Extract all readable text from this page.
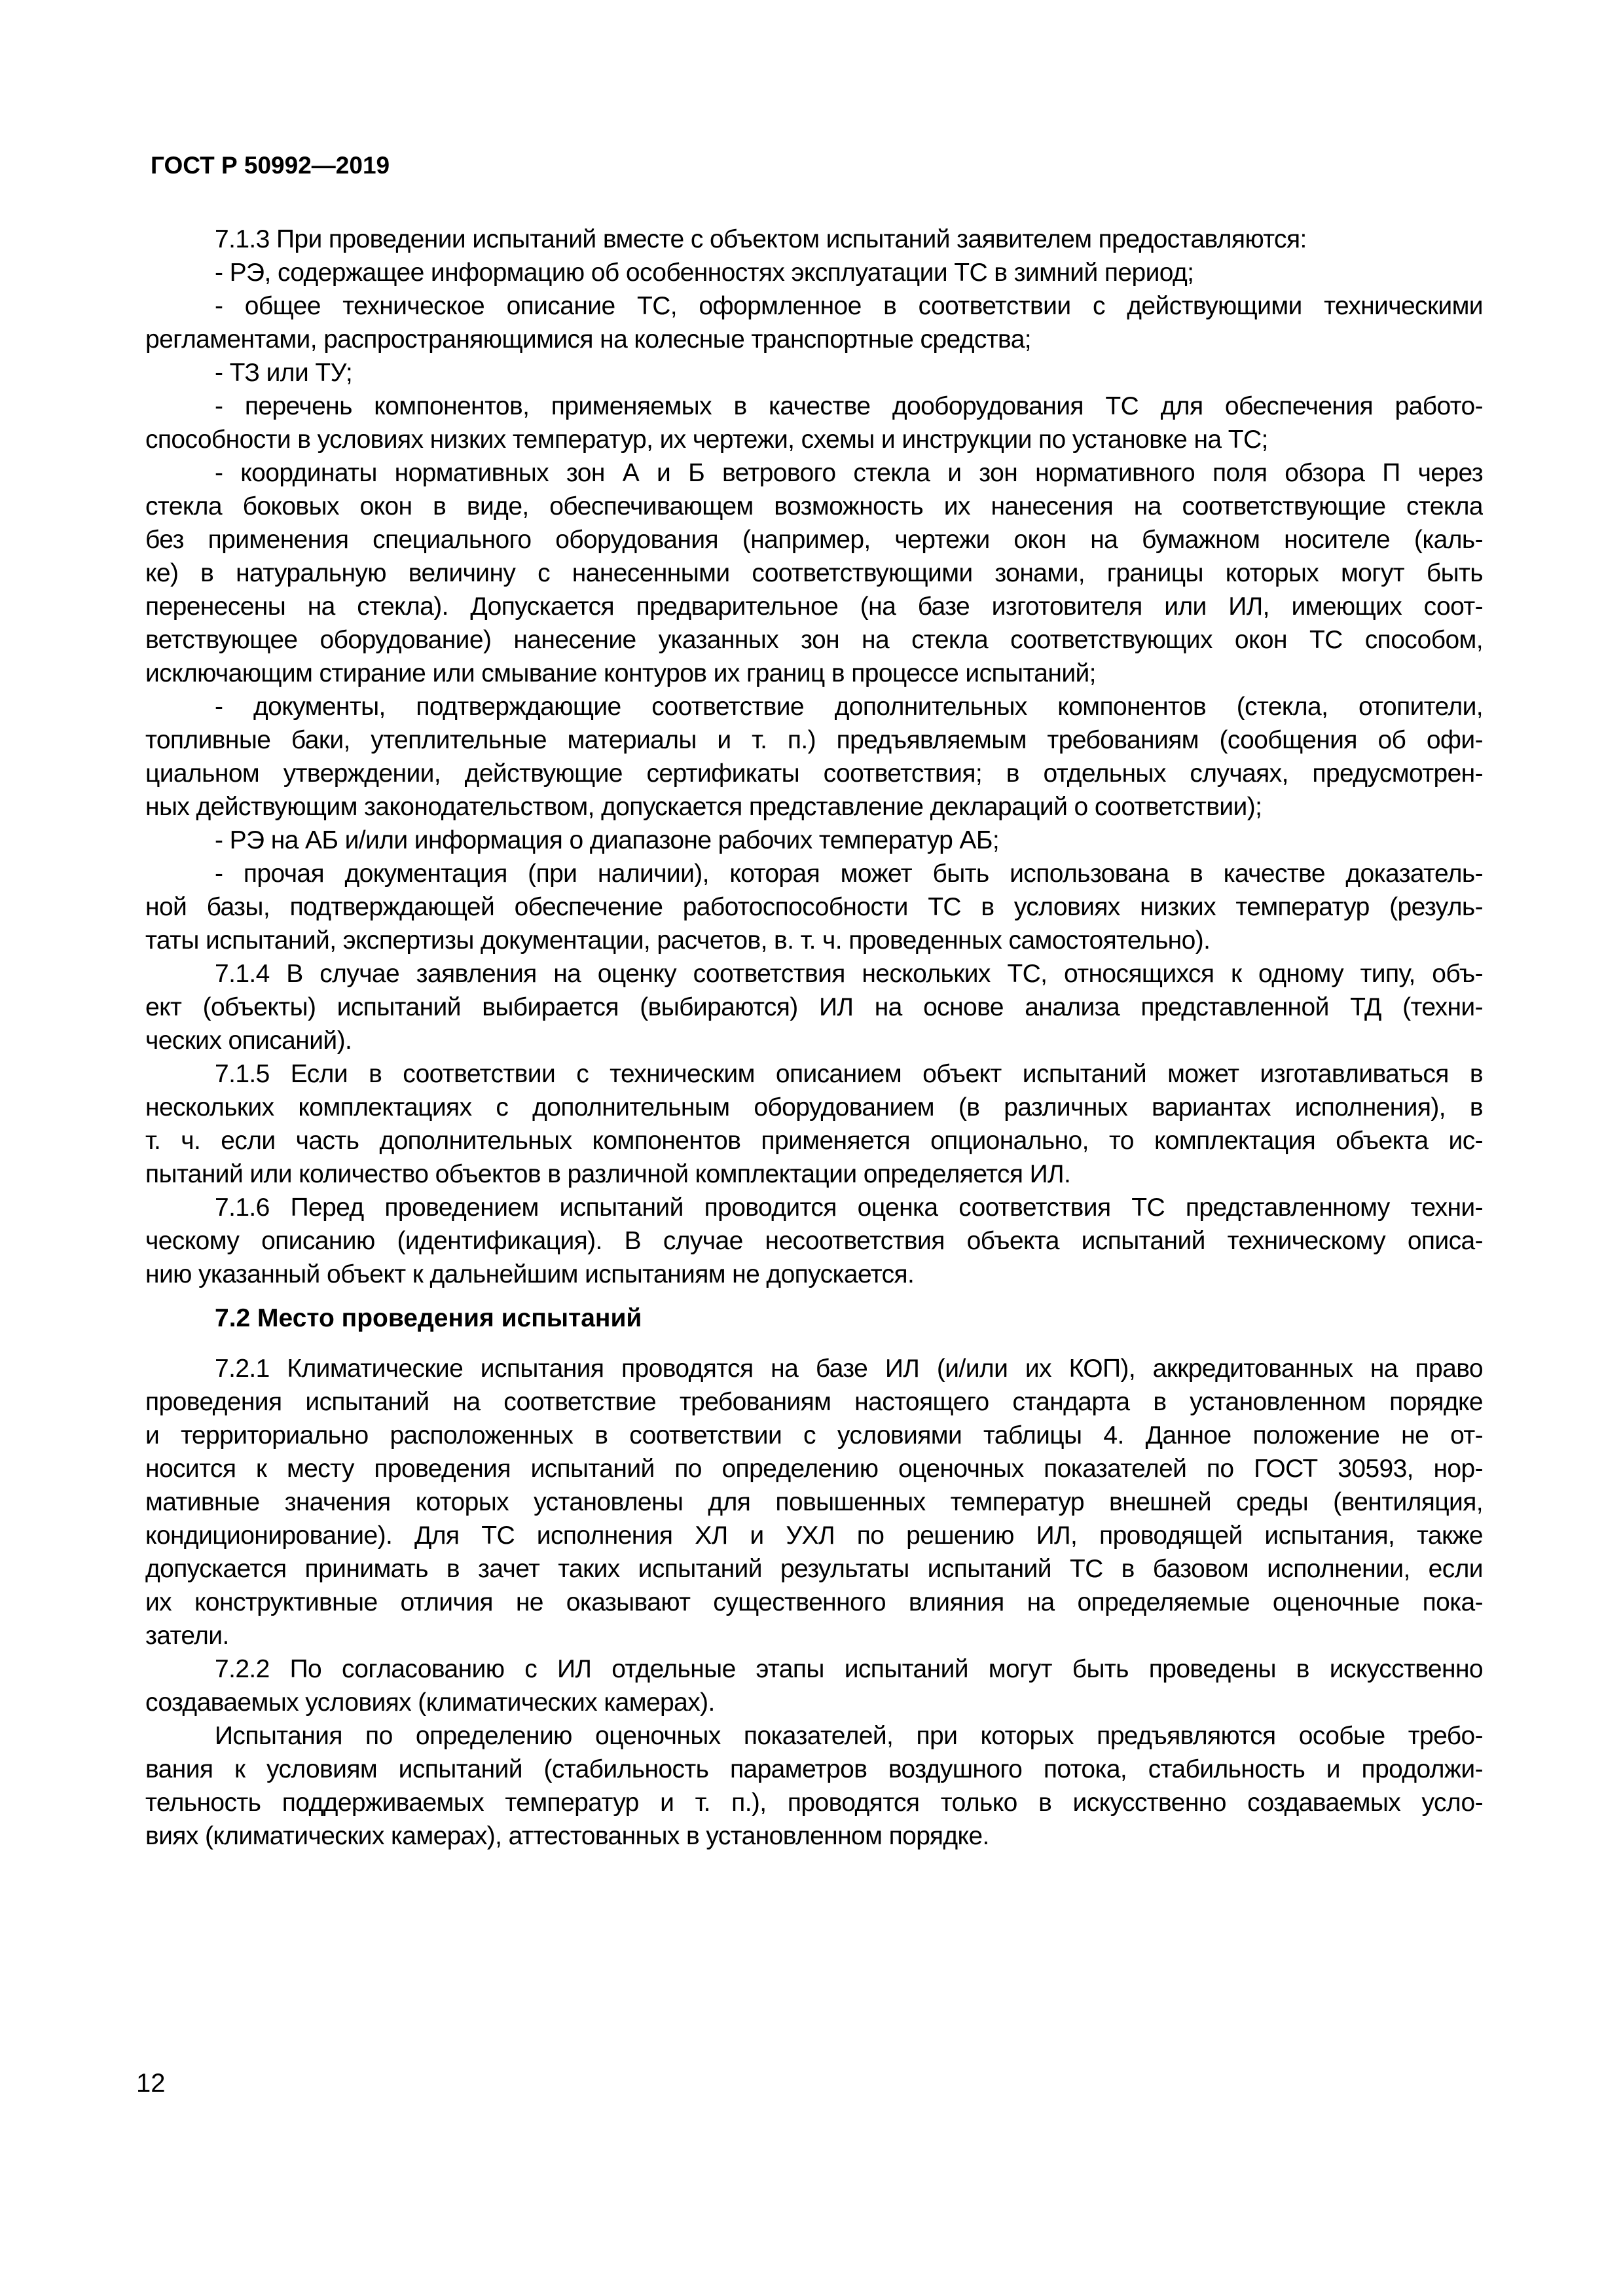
ГОСТ Р 50992—2019
7.1.3 При проведении испытаний вместе с объектом испытаний заявителем предоставляются:
- РЭ, содержащее информацию об особенностях эксплуатации ТС в зимний период;
- общее техническое описание ТС, оформленное в соответствии с действующими техническими
регламентами, распространяющимися на колесные транспортные средства;
- ТЗ или ТУ;
- перечень компонентов, применяемых в качестве дооборудования ТС для обеспечения работо-
способности в условиях низких температур, их чертежи, схемы и инструкции по установке на ТС;
- координаты нормативных зон А и Б ветрового стекла и зон нормативного поля обзора П через
стекла боковых окон в виде, обеспечивающем возможность их нанесения на соответствующие стекла
без применения специального оборудования (например, чертежи окон на бумажном носителе (каль-
ке) в натуральную величину с нанесенными соответствующими зонами, границы которых могут быть
перенесены на стекла). Допускается предварительное (на базе изготовителя или ИЛ, имеющих соот-
ветствующее оборудование) нанесение указанных зон на стекла соответствующих окон ТС способом,
исключающим стирание или смывание контуров их границ в процессе испытаний;
- документы, подтверждающие соответствие дополнительных компонентов (стекла, отопители,
топливные баки, утеплительные материалы и т. п.) предъявляемым требованиям (сообщения об офи-
циальном утверждении, действующие сертификаты соответствия; в отдельных случаях, предусмотрен-
ных действующим законодательством, допускается представление деклараций о соответствии);
- РЭ на АБ и/или информация о диапазоне рабочих температур АБ;
- прочая документация (при наличии), которая может быть использована в качестве доказатель-
ной базы, подтверждающей обеспечение работоспособности ТС в условиях низких температур (резуль-
таты испытаний, экспертизы документации, расчетов, в. т. ч. проведенных самостоятельно).
7.1.4 В случае заявления на оценку соответствия нескольких ТС, относящихся к одному типу, объ-
ект (объекты) испытаний выбирается (выбираются) ИЛ на основе анализа представленной ТД (техни-
ческих описаний).
7.1.5 Если в соответствии с техническим описанием объект испытаний может изготавливаться в
нескольких комплектациях с дополнительным оборудованием (в различных вариантах исполнения), в
т. ч. если часть дополнительных компонентов применяется опционально, то комплектация объекта ис-
пытаний или количество объектов в различной комплектации определяется ИЛ.
7.1.6 Перед проведением испытаний проводится оценка соответствия ТС представленному техни-
ческому описанию (идентификация). В случае несоответствия объекта испытаний техническому описа-
нию указанный объект к дальнейшим испытаниям не допускается.
7.2 Место проведения испытаний
7.2.1 Климатические испытания проводятся на базе ИЛ (и/или их КОП), аккредитованных на право
проведения испытаний на соответствие требованиям настоящего стандарта в установленном порядке
и территориально расположенных в соответствии с условиями таблицы 4. Данное положение не от-
носится к месту проведения испытаний по определению оценочных показателей по ГОСТ 30593, нор-
мативные значения которых установлены для повышенных температур внешней среды (вентиляция,
кондиционирование). Для ТС исполнения ХЛ и УХЛ по решению ИЛ, проводящей испытания, также
допускается принимать в зачет таких испытаний результаты испытаний ТС в базовом исполнении, если
их конструктивные отличия не оказывают существенного влияния на определяемые оценочные пока-
затели.
7.2.2 По согласованию с ИЛ отдельные этапы испытаний могут быть проведены в искусственно
создаваемых условиях (климатических камерах).
Испытания по определению оценочных показателей, при которых предъявляются особые требо-
вания к условиям испытаний (стабильность параметров воздушного потока, стабильность и продолжи-
тельность поддерживаемых температур и т. п.), проводятся только в искусственно создаваемых усло-
виях (климатических камерах), аттестованных в установленном порядке.
12
